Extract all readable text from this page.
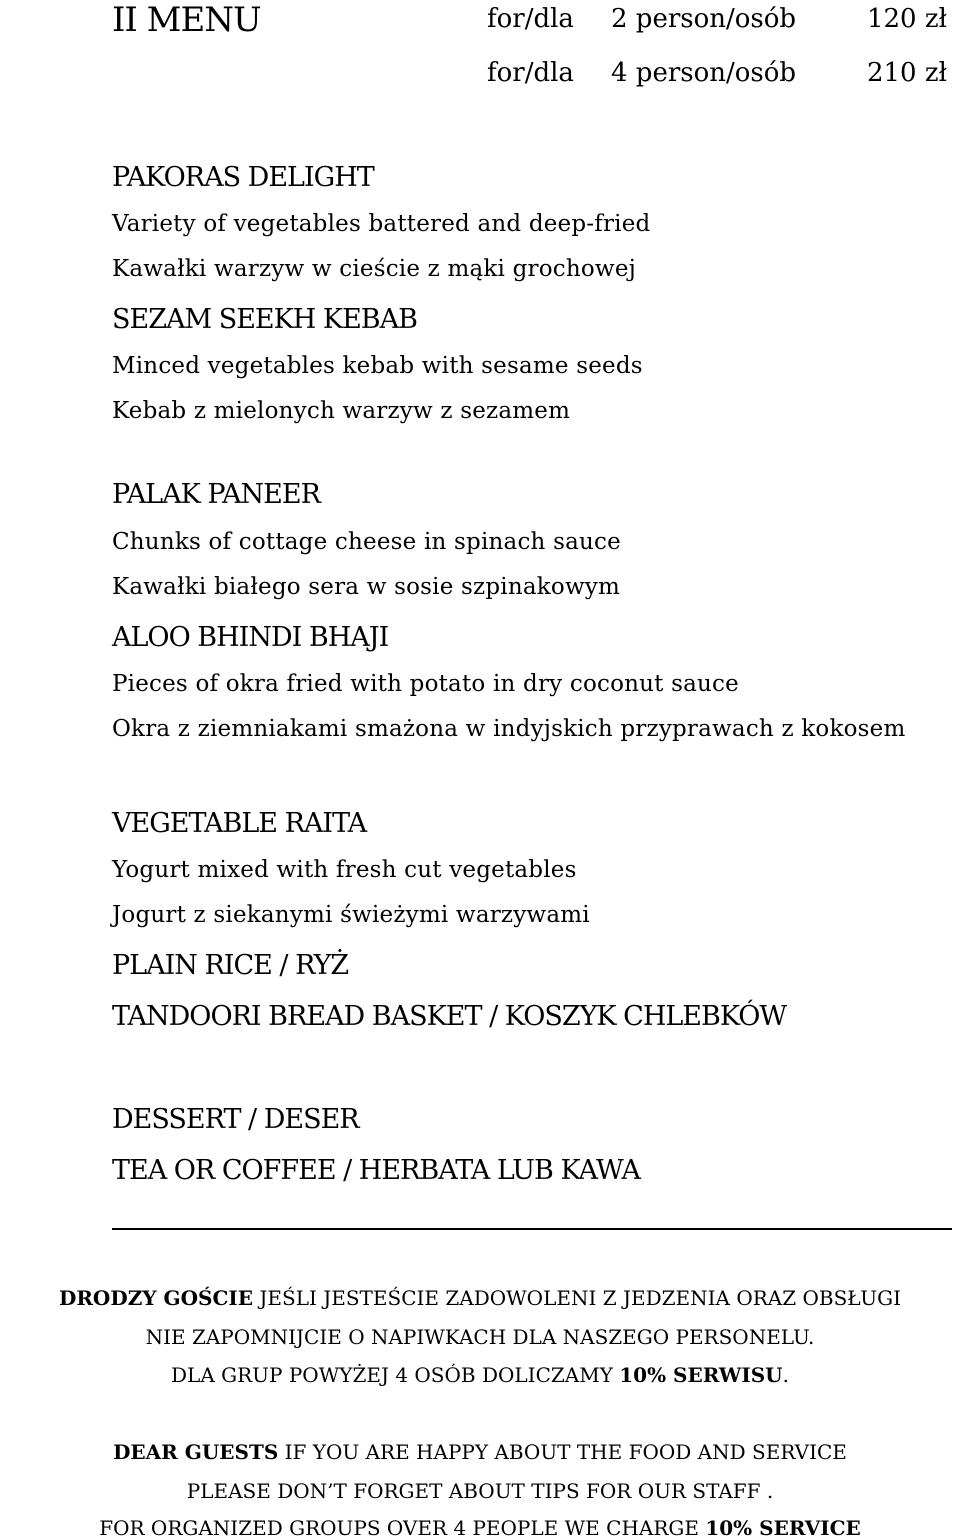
II MENU	for/dla 2 person/osób	120 zł
for/dla 4 person/osób	210 zł
PAKORAS DELIGHT
Variety of vegetables battered and deep-fried
Kawałki warzyw w cieście z mąki grochowej
SEZAM SEEKH KEBAB
Minced vegetables kebab with sesame seeds
Kebab z mielonych warzyw z sezamem
PALAK PANEER
Chunks of cottage cheese in spinach sauce
Kawałki białego sera w sosie szpinakowym
ALOO BHINDI BHAJI
Pieces of okra fried with potato in dry coconut sauce
Okra z ziemniakami smażona w indyjskich przyprawach z kokosem
VEGETABLE RAITA
Yogurt mixed with fresh cut vegetables
Jogurt z siekanymi świeżymi warzywami
PLAIN RICE / RYŻ
TANDOORI BREAD BASKET / KOSZYK CHLEBKÓW
DESSERT / DESER
TEA OR COFFEE / HERBATA LUB KAWA
DRODZY GOŚCIE JEŚLI JESTEŚCIE ZADOWOLENI Z JEDZENIA ORAZ OBSŁUGI
NIE ZAPOMNIJCIE O NAPIWKACH DLA NASZEGO PERSONELU.
DLA GRUP POWYŻEJ 4 OSÓB DOLICZAMY 10% SERWISU.
DEAR GUESTS IF YOU ARE HAPPY ABOUT THE FOOD AND SERVICE
PLEASE DON’T FORGET ABOUT TIPS FOR OUR STAFF .
FOR ORGANIZED GROUPS OVER 4 PEOPLE WE CHARGE 10% SERVICE
